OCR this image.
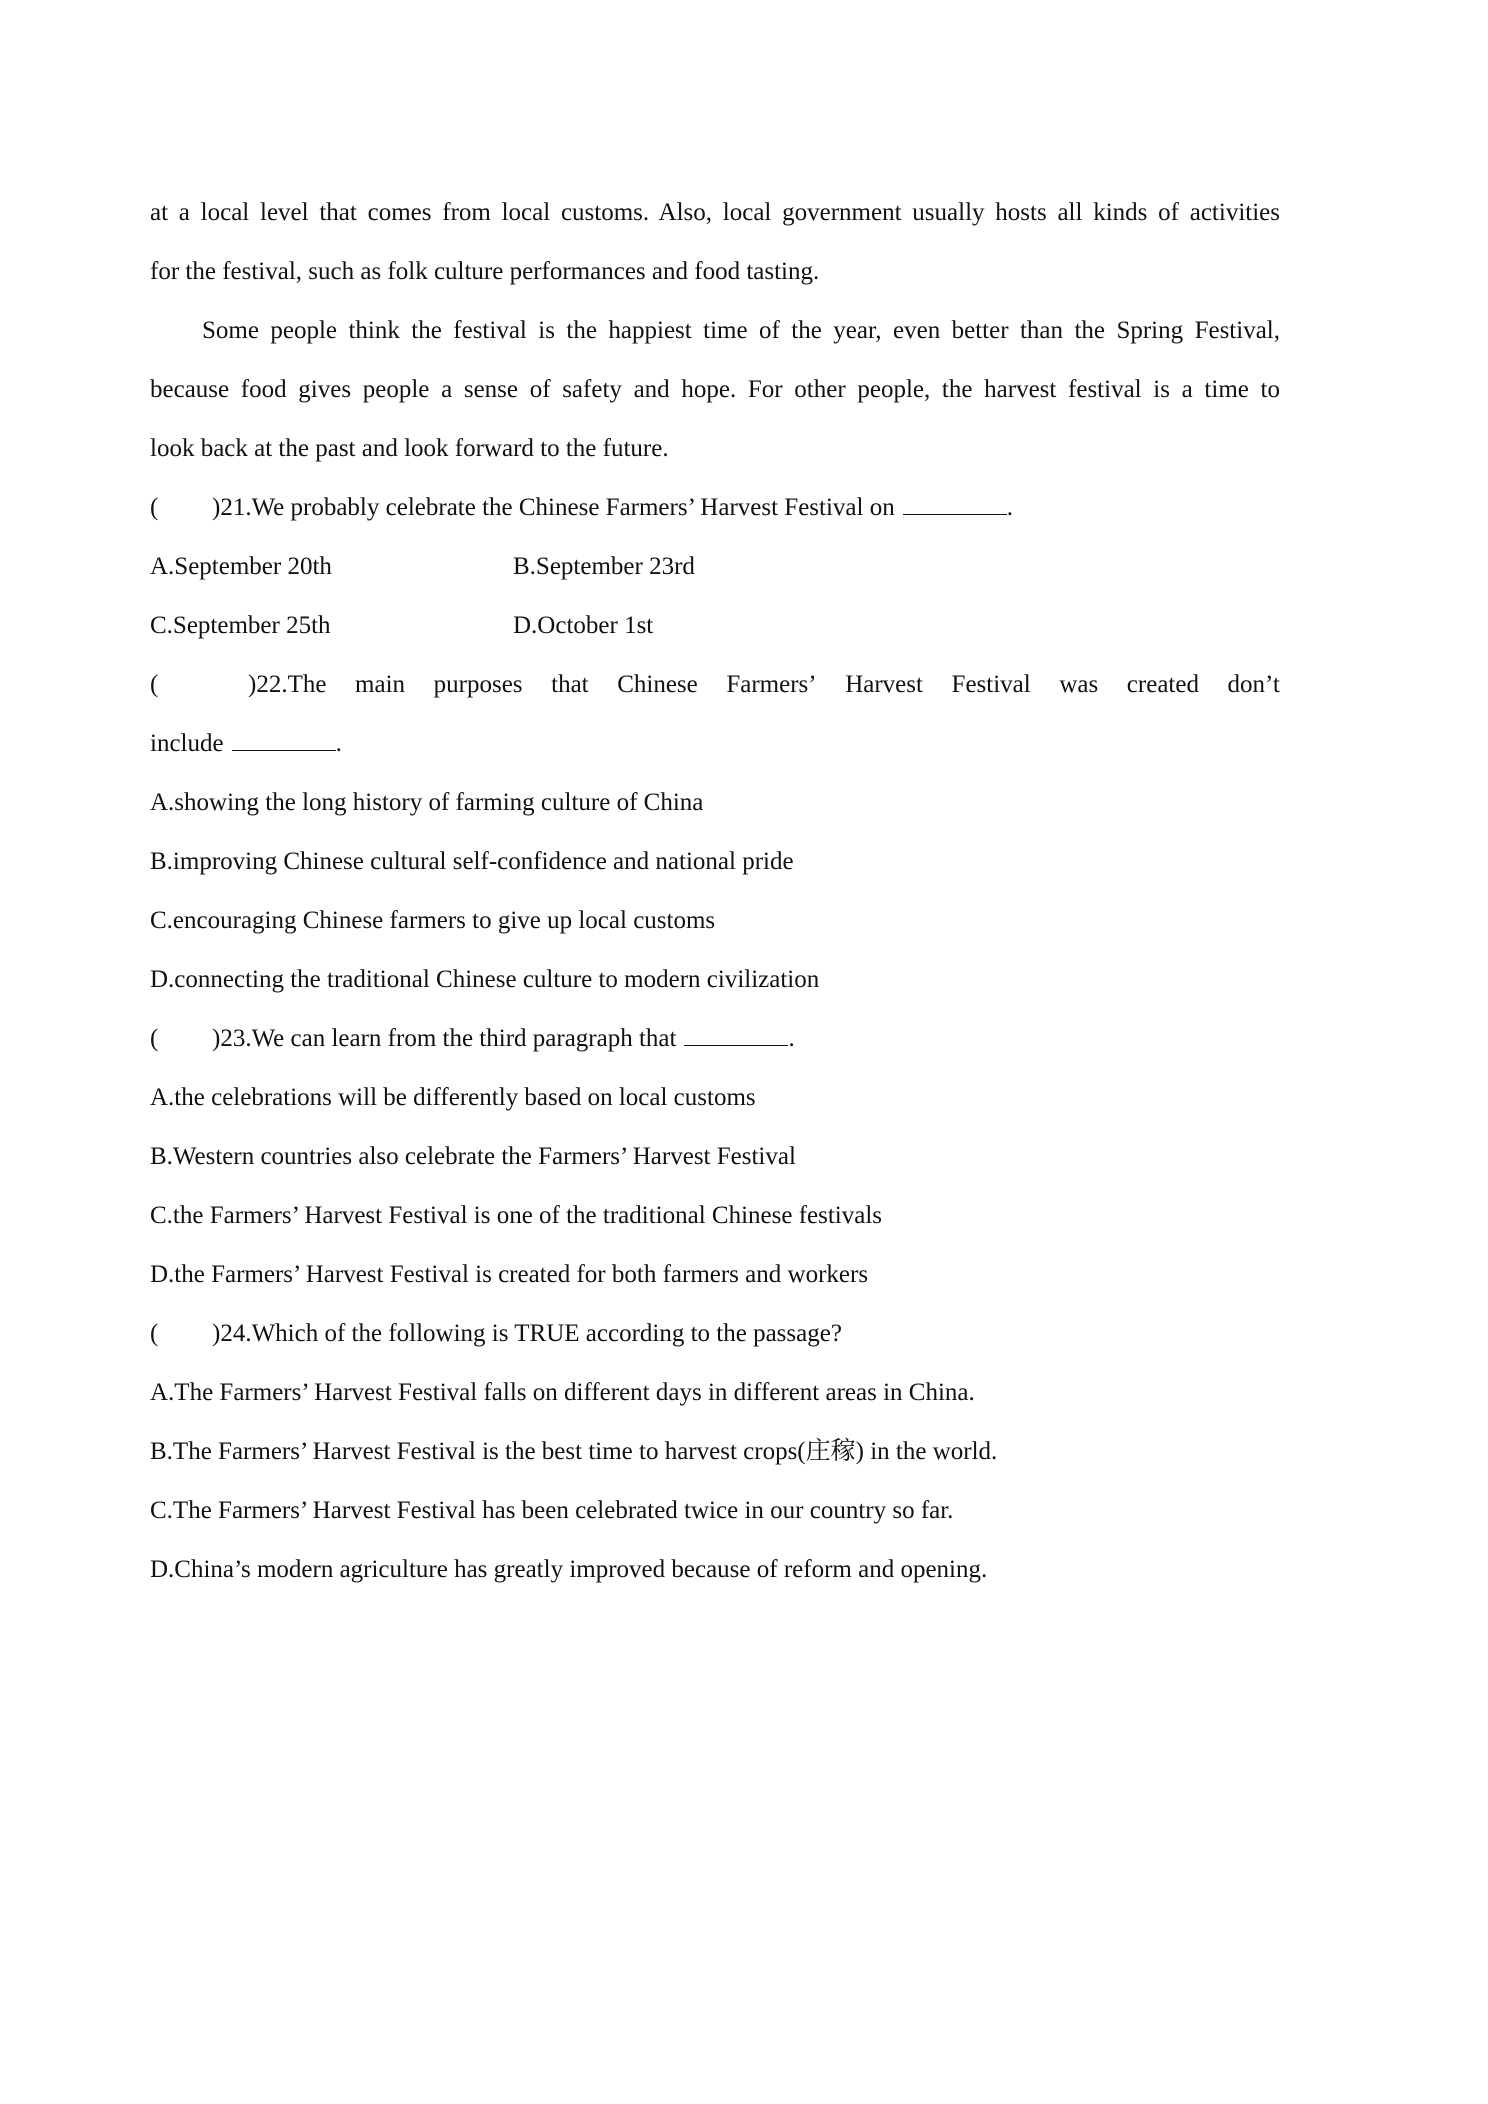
at a local level that comes from local customs. Also, local government usually hosts all kinds of activities
for the festival, such as folk culture performances and food tasting.
Some people think the festival is the happiest time of the year, even better than the Spring Festival,
because food gives people a sense of safety and hope. For other people, the harvest festival is a time to
look back at the past and look forward to the future.
( )21.We probably celebrate the Chinese Farmers’ Harvest Festival on	.
A.September 20th	B.September 23rd
C.September 25th	D.October 1st
(	)22.The main purposes that Chinese Farmers’ Harvest Festival was created don’t
include	.
A.showing the long history of farming culture of China
B.improving Chinese cultural self-confidence and national pride
C.encouraging Chinese farmers to give up local customs
D.connecting the traditional Chinese culture to modern civilization
( )23.We can learn from the third paragraph that	.
A.the celebrations will be differently based on local customs
B.Western countries also celebrate the Farmers’ Harvest Festival
C.the Farmers’ Harvest Festival is one of the traditional Chinese festivals
D.the Farmers’ Harvest Festival is created for both farmers and workers
( )24.Which of the following is TRUE according to the passage?
A.The Farmers’ Harvest Festival falls on different days in different areas in China.
B.The Farmers’ Harvest Festival is the best time to harvest crops(庄稼) in the world.
C.The Farmers’ Harvest Festival has been celebrated twice in our country so far.
D.China’s modern agriculture has greatly improved because of reform and opening.
